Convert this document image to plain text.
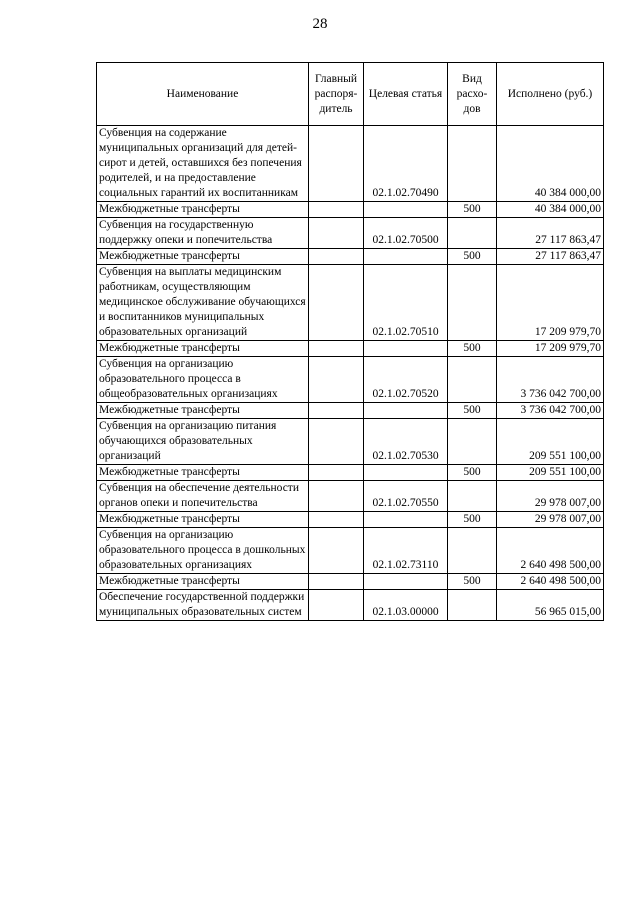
28
Наименование	Главный распоря-дитель	Целевая статья	Вид расхо-дов	Исполнено (руб.)
Субвенция на содержание муниципальных организаций для детей-сирот и детей, оставшихся без попечения родителей, и на предоставление социальных гарантий их воспитанникам		02.1.02.70490		40 384 000,00
Межбюджетные трансферты			500	40 384 000,00
Субвенция на государственную поддержку опеки и попечительства		02.1.02.70500		27 117 863,47
Межбюджетные трансферты			500	27 117 863,47
Субвенция на выплаты медицинским работникам, осуществляющим медицинское обслуживание обучающихся и воспитанников муниципальных образовательных организаций		02.1.02.70510		17 209 979,70
Межбюджетные трансферты			500	17 209 979,70
Субвенция на организацию образовательного процесса в общеобразовательных организациях		02.1.02.70520		3 736 042 700,00
Межбюджетные трансферты			500	3 736 042 700,00
Субвенция на организацию питания обучающихся образовательных организаций		02.1.02.70530		209 551 100,00
Межбюджетные трансферты			500	209 551 100,00
Субвенция на обеспечение деятельности органов опеки и попечительства		02.1.02.70550		29 978 007,00
Межбюджетные трансферты			500	29 978 007,00
Субвенция на организацию образовательного процесса в дошкольных образовательных организациях		02.1.02.73110		2 640 498 500,00
Межбюджетные трансферты			500	2 640 498 500,00
Обеспечение государственной поддержки муниципальных образовательных систем		02.1.03.00000		56 965 015,00
